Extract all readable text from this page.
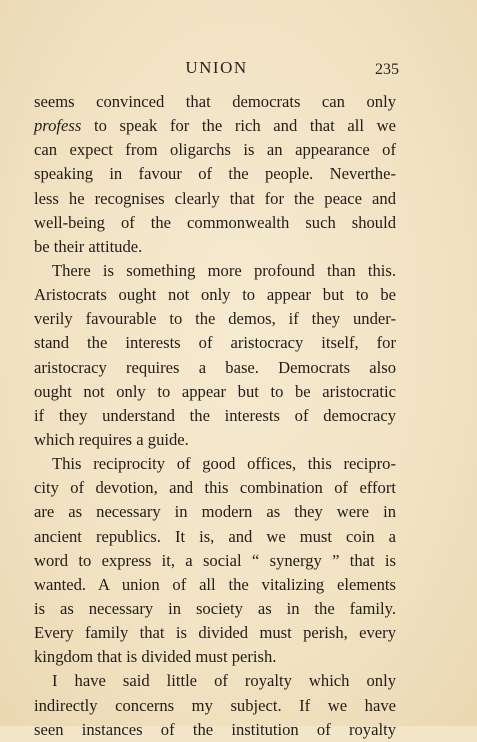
UNION	235
seems convinced that democrats can only
profess to speak for the rich and that all we
can expect from oligarchs is an appearance of
speaking in favour of the people. Neverthe-
less he recognises clearly that for the peace and
well-being of the commonwealth such should
be their attitude.
There is something more profound than this.
Aristocrats ought not only to appear but to be
verily favourable to the demos, if they under-
stand the interests of aristocracy itself, for
aristocracy requires a base. Democrats also
ought not only to appear but to be aristocratic
if they understand the interests of democracy
which requires a guide.
This reciprocity of good offices, this recipro-
city of devotion, and this combination of effort
are as necessary in modern as they were in
ancient republics. It is, and we must coin a
word to express it, a social “ synergy ” that is
wanted. A union of all the vitalizing elements
is as necessary in society as in the family.
Every family that is divided must perish, every
kingdom that is divided must perish.
I have said little of royalty which only
indirectly concerns my subject. If we have
seen instances of the institution of royalty
